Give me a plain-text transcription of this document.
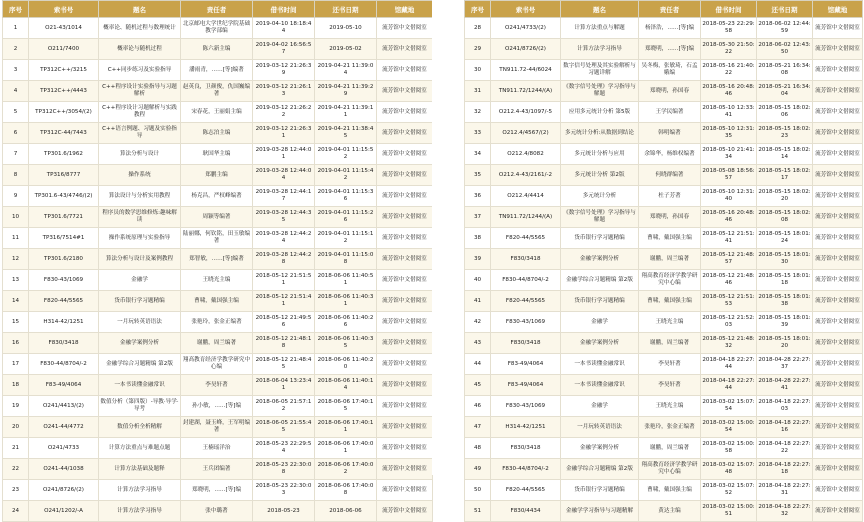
序号	索书号	题名	责任者	借书时间	还书日期	馆藏地
1	O21-43/1014	概率论、随机过程与数理统计	北京邮电大学世纪学院基础教学部编	2019-04-10 18:18:44	2019-05-10	流芳馆中文借阅室
2	O211/7400	概率论与随机过程	陈六新主编	2019-04-02 16:56:57	2019-05-02	流芳馆中文借阅室
3	TP312C++/3215	C++同步练习及实验指导	潘雨青，……[等]编著	2019-03-12 21:26:39	2019-04-21 11:39:04	流芳馆中文借阅室
4	TP312C++/4443	C++程序设计实验指导与习题解析	赵英良，卫颜俊，仇国巍编著	2019-03-12 21:26:13	2019-04-21 11:39:29	流芳馆中文借阅室
5	TP312C++/3054/(2)	C++程序设计习题解析与实践教程	宋春花，王丽娟主编	2019-03-12 21:26:22	2019-04-21 11:39:11	流芳馆中文借阅室
6	TP312C-44/7443	C++语言例题、习题及实验指导	陈志泊主编	2019-03-12 21:26:31	2019-04-21 11:38:45	流芳馆中文借阅室
7	TP301.6/1962	算法分析与设计	耿国华主编	2019-03-28 12:44:01	2019-04-01 11:15:52	流芳馆中文借阅室
8	TP316/8777	操作系统	郑鹏主编	2019-03-28 12:44:04	2019-04-01 11:15:42	流芳馆中文借阅室
9	TP301.6-43/4746/(2)	算法设计与分析实用教程	杨克昌，严权峰编著	2019-03-28 12:44:17	2019-04-01 11:15:36	流芳馆中文借阅室
10	TP301.6/7721	程序员的数学思维修炼:趣味解读	周颖等编著	2019-03-28 12:44:35	2019-04-01 11:15:26	流芳馆中文借阅室
11	TP316/7514#1	操作系统原理与实验指导	陆丽娜，何钦铭，田玉敏编著	2019-03-28 12:44:24	2019-04-01 11:15:12	流芳馆中文借阅室
12	TP301.6/2180	算法分析与设计及案例教程	郑智敏，……[等]编著	2019-03-28 12:44:28	2019-04-01 11:15:08	流芳馆中文借阅室
13	F830-43/1069	金融学	王晓光主编	2018-05-12 21:51:51	2018-06-06 11:40:51	流芳馆中文借阅室
14	F820-44/5565	货币银行学习题精编	曹啸，戴国强主编	2018-05-12 21:51:41	2018-06-06 11:40:31	流芳馆中文借阅室
15	H314-42/1251	一月玩转英语语法	张艳玲，张金正编著	2018-05-12 21:49:56	2018-06-06 11:40:26	流芳馆中文借阅室
16	F830/3418	金融学案例分析	谢鹏，周兰编著	2018-05-12 21:48:18	2018-06-06 11:40:35	流芳馆中文借阅室
17	F830-44/8704/-2	金融学综合习题精编 第2版	翔高教育经济学教学研究中心编	2018-05-12 21:48:45	2018-06-06 11:40:20	流芳馆中文借阅室
18	F83-49/4064	一本书读懂金融常识	李昊轩著	2018-06-04 13:23:41	2018-06-06 11:40:14	流芳馆中文借阅室
19	O241/4413/(2)	数值分析（第四版）-导教·导学·导考	孙小敏，……[等]编	2018-06-05 21:57:12	2018-06-06 17:40:15	流芳馆中文借阅室
20	O241-44/4772	数值分析全析精解	封建湖，聂玉峰，王军明编著	2018-06-05 21:55:45	2018-06-06 17:40:11	流芳馆中文借阅室
21	O241/4733	计算方法重点与难题点题	王楠瑶洋治	2018-05-23 22:29:54	2018-06-06 17:40:01	流芳馆中文借阅室
22	O241-44/1038	计算方法基础及题释	王兵团编著	2018-05-23 22:30:08	2018-06-06 17:40:02	流芳馆中文借阅室
23	O241/8726/(2)	计算方法学习指导	郑晓明，……[等]编	2018-05-23 22:30:03	2018-06-06 17:40:08	流芳馆中文借阅室
24	O241/1202/-A	计算方法学习指导	张中璐著	2018-05-23	2018-06-06	流芳馆中文借阅室
序号	索书号	题名	责任者	借书时间	还书日期	馆藏地
28	O241/4733/(2)	计算方法重点与解题	杨泽浩，……[等]编	2018-05-23 22:29:58	2018-06-02 12:44:59	流芳馆中文借阅室
29	O241/8726/(2)	计算方法学习指导	郑晓明，……[等]编	2018-05-30 21:50:22	2018-06-02 12:43:50	流芳馆中文借阅室
30	TN911.72-44/6024	数字信号处理及其实验解析与习题详解	吴冬梅，张敏琦，石孟娥编	2018-05-16 21:40:22	2018-05-21 16:34:08	流芳馆中文借阅室
31	TN911.72/1244/(A)	《数字信号处理》学习指导与解题	郑晓明，孙国春	2018-05-16 20:48:46	2018-05-21 16:34:04	流芳馆中文借阅室
32	O212.4-43/1097/-5	应用多元统计分析 第5版	王学民编著	2018-05-10 12:33:41	2018-05-15 18:02:06	流芳馆中文借阅室
33	O212.4/4567/(2)	多元统计分析:从数据到结论	韩明编著	2018-05-10 12:31:35	2018-05-15 18:02:23	流芳馆中文借阅室
34	O212.4/8082	多元统计分析与应用	余锦华，杨维权编著	2018-05-10 21:41:34	2018-05-15 18:02:14	流芳馆中文借阅室
35	O212.4-43/2161/-2	多元统计分析 第2版	何晓群编著	2018-05-08 18:56:57	2018-05-15 18:02:17	流芳馆中文借阅室
36	O212.4/4414	多元统计分析	杜子芳著	2018-05-10 12:31:40	2018-05-15 18:02:20	流芳馆中文借阅室
37	TN911.72/1244/(A)	《数字信号处理》学习指导与解题	郑晓明，孙国春	2018-05-16 20:48:46	2018-05-15 18:02:08	流芳馆中文借阅室
38	F820-44/5565	货币银行学习题精编	曹啸，戴国强主编	2018-05-12 21:51:41	2018-05-15 18:01:24	流芳馆中文借阅室
39	F830/3418	金融学案例分析	谢鹏，周兰编著	2018-05-12 21:48:57	2018-05-15 18:01:30	流芳馆中文借阅室
40	F830-44/8704/-2	金融学综合习题精编 第2版	翔高教育经济学教学研究中心编	2018-05-12 21:48:46	2018-05-15 18:01:18	流芳馆中文借阅室
41	F820-44/5565	货币银行学习题精编	曹啸，戴国强主编	2018-05-12 21:51:53	2018-05-15 18:01:38	流芳馆中文借阅室
42	F830-43/1069	金融学	王晓光主编	2018-05-12 21:52:03	2018-05-15 18:01:39	流芳馆中文借阅室
43	F830/3418	金融学案例分析	谢鹏，周兰编著	2018-05-12 21:48:32	2018-05-15 18:01:20	流芳馆中文借阅室
44	F83-49/4064	一本书读懂金融常识	李昊轩著	2018-04-18 22:27:44	2018-04-28 22:27:37	流芳馆中文借阅室
45	F83-49/4064	一本书读懂金融常识	李昊轩著	2018-04-18 22:27:44	2018-04-28 22:27:41	流芳馆中文借阅室
46	F830-43/1069	金融学	王晓光主编	2018-03-02 15:07:54	2018-04-18 22:27:03	流芳馆中文借阅室
47	H314-42/1251	一月玩转英语语法	张艳玲，张金正编著	2018-03-02 15:00:54	2018-04-18 22:27:16	流芳馆中文借阅室
48	F830/3418	金融学案例分析	谢鹏，周兰编著	2018-03-02 15:00:58	2018-04-18 22:27:22	流芳馆中文借阅室
49	F830-44/8704/-2	金融学综合习题精编 第2版	翔高教育经济学教学研究中心编	2018-03-02 15:07:48	2018-04-18 22:27:18	流芳馆中文借阅室
50	F820-44/5565	货币银行学习题精编	曹啸，戴国强主编	2018-03-02 15:07:52	2018-04-18 22:27:31	流芳馆中文借阅室
51	F830/4434	金融学学习指导与习题精解	黄达主编	2018-03-02 15:00:51	2018-04-18 22:27:32	流芳馆中文借阅室
